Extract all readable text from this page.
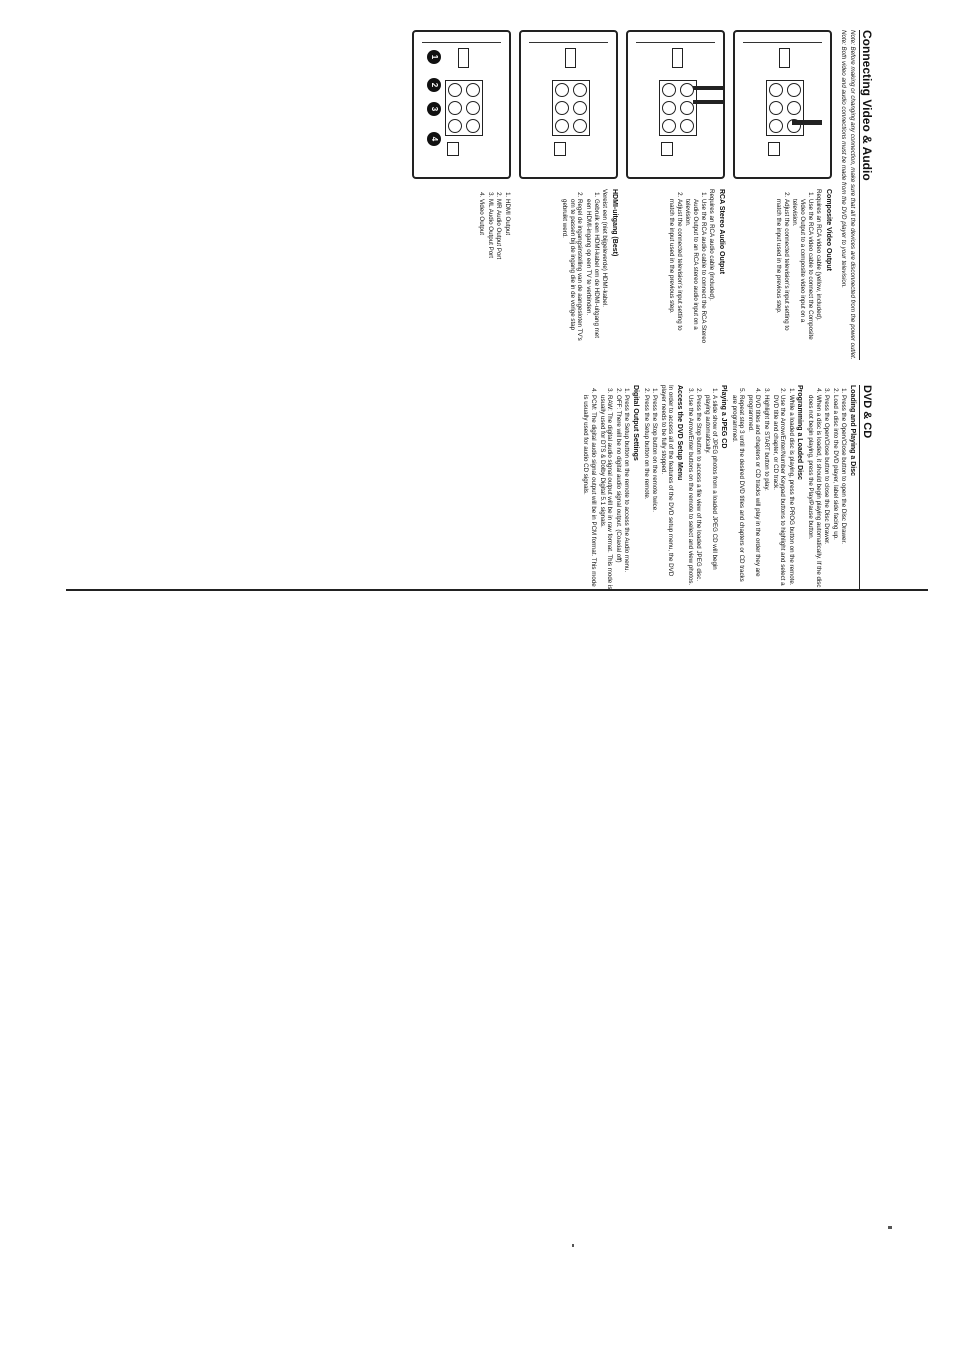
Connecting Video & Audio

Note: Before making or changing any connection, make sure that all the devices are disconnected from the power outlet.

Note: Both video and audio connections must be made from the DVD player to your television.

Composite Video Output

Requires an RCA video cable (yellow, included).

1. Use the RCA video cable to connect the Composite Video Output to a composite video input on a television.
2. Adjust the connected television's input setting to match the input used in the previous step.
RCA Stereo Audio Output

Requires an RCA audio cable (included).

1. Use the RCA audio cable to connect the RCA Stereo Audio Output to an RCA stereo audio input on a television.
2. Adjust the connected television's input setting to match the input used in the previous step.
HDMI-uitgang (Best)

Vereist een (niet bijgeleverde) HDMI-kabel.

1. Gebruik een HDMI-kabel om de HDMI-uitgang met een HDMI-ingang op een TV te verbinden.
2. Regel de ingangsinstelling van de aangesloten TV's om te passen bij de ingang die in de vorige stap gebruikt werd.
1
2
3
4
1. HDMI Output
2. MR Audio Output Port
3. ML Audio Output Port
4. Video Output
DVD & CD
Loading and Playing a Disc
1. Press the Open/Close button to open the Disc Drawer.
2. Load a disc into the DVD player, label side facing up.
3. Press the Open/Close button to close the Disc Drawer.
4. When a disc is loaded, it should begin playing automatically. If the disc does not begin playing, press the Play/Pause button.
Programming a Loaded Disc
1. While a loaded disc is playing, press the PROG button on the remote.
2. Use the Arrow/Enter/Number Keypad buttons to highlight and select a DVD title and chapter, or CD track.
3. Highlight the START button to play.
4. DVD titles and chapters or CD tracks will play in the order they are programmed.
5. Repeat step 3 until the desired DVD titles and chapters or CD tracks are programmed.
Playing a JPEG CD
1. A slide show of JPEG photos from a loaded JPEG CD will begin playing automatically.
2. Press the Stop button to access a file view of the loaded JPEG disc.
3. Use the Arrow/Enter buttons on the remote to select and view photos.
Access the DVD Setup Menu

In order to access all of the features of the DVD setup menu, the DVD player needs to be fully stopped.

1. Press the Stop button on the remote twice.
2. Press the Setup button on the remote.
Digital Output Settings
1. Press the Setup button on the remote to access the Audio menu.
2. OFF: There will be no digital audio signal output. (Coaxial off)
3. RAW: The digital audio signal output will be in raw format. This mode is usually used for DTS & Dolby Digital 5.1 signals.
4. PCM: The digital audio signal output will be in PCM format. This mode is usually used for audio CD signals.
